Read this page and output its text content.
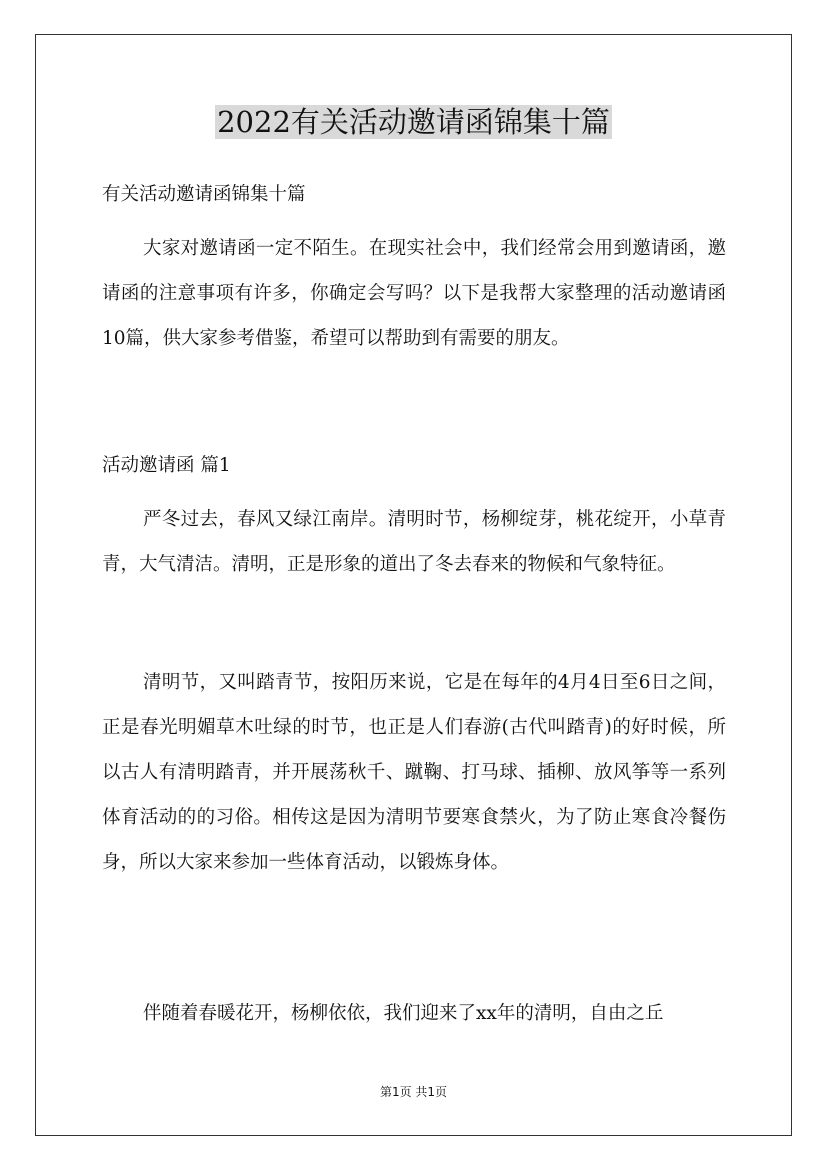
2022有关活动邀请函锦集十篇
有关活动邀请函锦集十篇
大家对邀请函一定不陌生。在现实社会中，我们经常会用到邀请函，邀请函的注意事项有许多，你确定会写吗？以下是我帮大家整理的活动邀请函10篇，供大家参考借鉴，希望可以帮助到有需要的朋友。
活动邀请函 篇1
严冬过去，春风又绿江南岸。清明时节，杨柳绽芽，桃花绽开，小草青青，大气清洁。清明，正是形象的道出了冬去春来的物候和气象特征。
清明节，又叫踏青节，按阳历来说，它是在每年的4月4日至6日之间，正是春光明媚草木吐绿的时节，也正是人们春游(古代叫踏青)的好时候，所以古人有清明踏青，并开展荡秋千、蹴鞠、打马球、插柳、放风筝等一系列体育活动的的习俗。相传这是因为清明节要寒食禁火，为了防止寒食冷餐伤身，所以大家来参加一些体育活动，以锻炼身体。
伴随着春暖花开，杨柳依依，我们迎来了xx年的清明，自由之丘
第1页 共1页
